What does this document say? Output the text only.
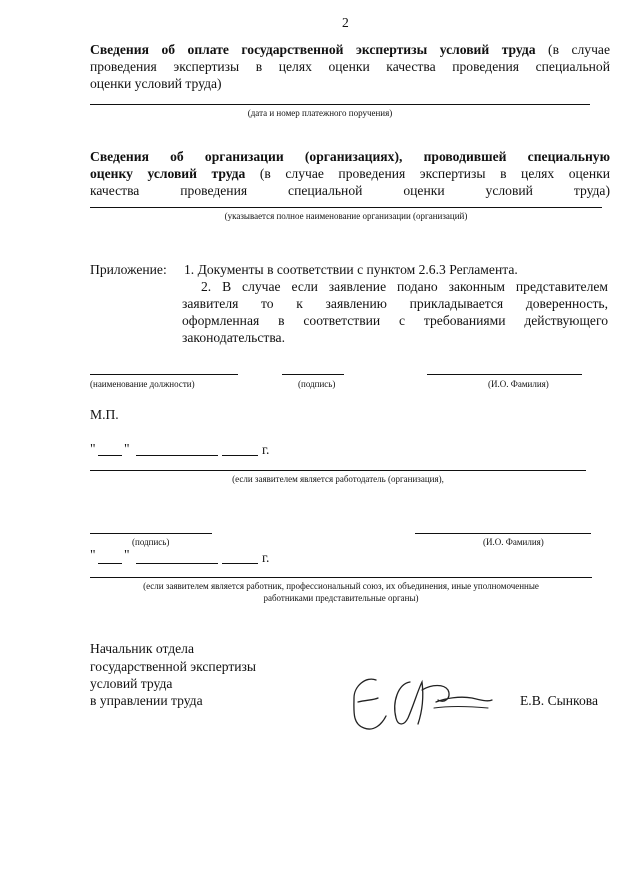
2
Сведения об оплате государственной экспертизы условий труда (в случае
проведения экспертизы в целях оценки качества проведения специальной
оценки условий труда)
(дата и номер платежного поручения)
Сведения об организации (организациях), проводившей специальную
оценку условий труда (в случае проведения экспертизы в целях оценки
качества проведения специальной оценки условий труда)
(указывается полное наименование организации (организаций)
Приложение: 1. Документы в соответствии с пунктом 2.6.3 Регламента.
2. В случае если заявление подано законным представителем
заявителя то к заявлению прикладывается доверенность,
оформленная в соответствии с требованиями действующего
законодательства.
(наименование должности)	(подпись)	(И.О. Фамилия)
М.П.
" "	г.
(если заявителем является работодатель (организация),
(подпись)	(И.О. Фамилия)
" "	г.
(если заявителем является работник, профессиональный союз, их объединения, иные уполномоченные
работниками представительные органы)
Начальник отдела
государственной экспертизы
условий труда
в управлении труда	Е.В. Сынкова
